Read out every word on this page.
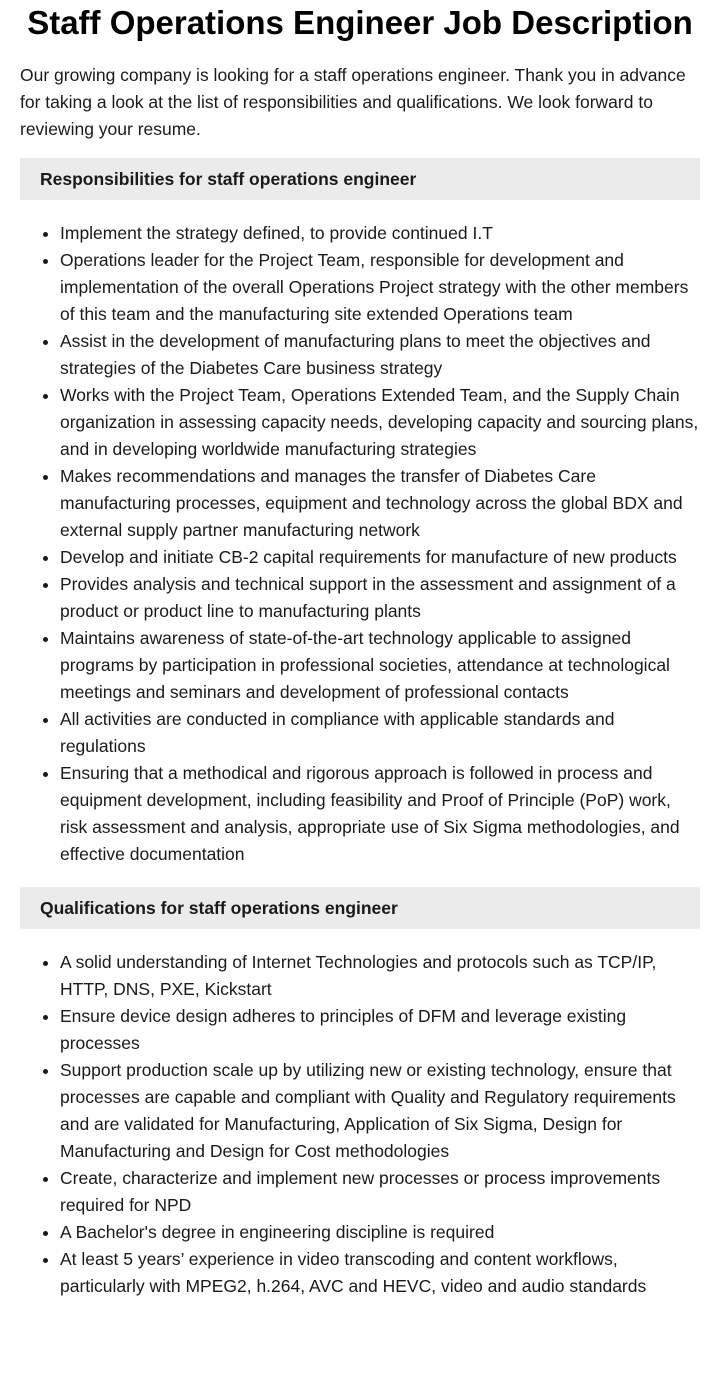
Staff Operations Engineer Job Description

Our growing company is looking for a staff operations engineer. Thank you in advance for taking a look at the list of responsibilities and qualifications. We look forward to reviewing your resume.

Responsibilities for staff operations engineer
• Implement the strategy defined, to provide continued I.T
• Operations leader for the Project Team, responsible for development and implementation of the overall Operations Project strategy with the other members of this team and the manufacturing site extended Operations team
• Assist in the development of manufacturing plans to meet the objectives and strategies of the Diabetes Care business strategy
• Works with the Project Team, Operations Extended Team, and the Supply Chain organization in assessing capacity needs, developing capacity and sourcing plans, and in developing worldwide manufacturing strategies
• Makes recommendations and manages the transfer of Diabetes Care manufacturing processes, equipment and technology across the global BDX and external supply partner manufacturing network
• Develop and initiate CB-2 capital requirements for manufacture of new products
• Provides analysis and technical support in the assessment and assignment of a product or product line to manufacturing plants
• Maintains awareness of state-of-the-art technology applicable to assigned programs by participation in professional societies, attendance at technological meetings and seminars and development of professional contacts
• All activities are conducted in compliance with applicable standards and regulations
• Ensuring that a methodical and rigorous approach is followed in process and equipment development, including feasibility and Proof of Principle (PoP) work, risk assessment and analysis, appropriate use of Six Sigma methodologies, and effective documentation
Qualifications for staff operations engineer
• A solid understanding of Internet Technologies and protocols such as TCP/IP, HTTP, DNS, PXE, Kickstart
• Ensure device design adheres to principles of DFM and leverage existing processes
• Support production scale up by utilizing new or existing technology, ensure that processes are capable and compliant with Quality and Regulatory requirements and are validated for Manufacturing, Application of Six Sigma, Design for Manufacturing and Design for Cost methodologies
• Create, characterize and implement new processes or process improvements required for NPD
• A Bachelor's degree in engineering discipline is required
• At least 5 years’ experience in video transcoding and content workflows, particularly with MPEG2, h.264, AVC and HEVC, video and audio standards
